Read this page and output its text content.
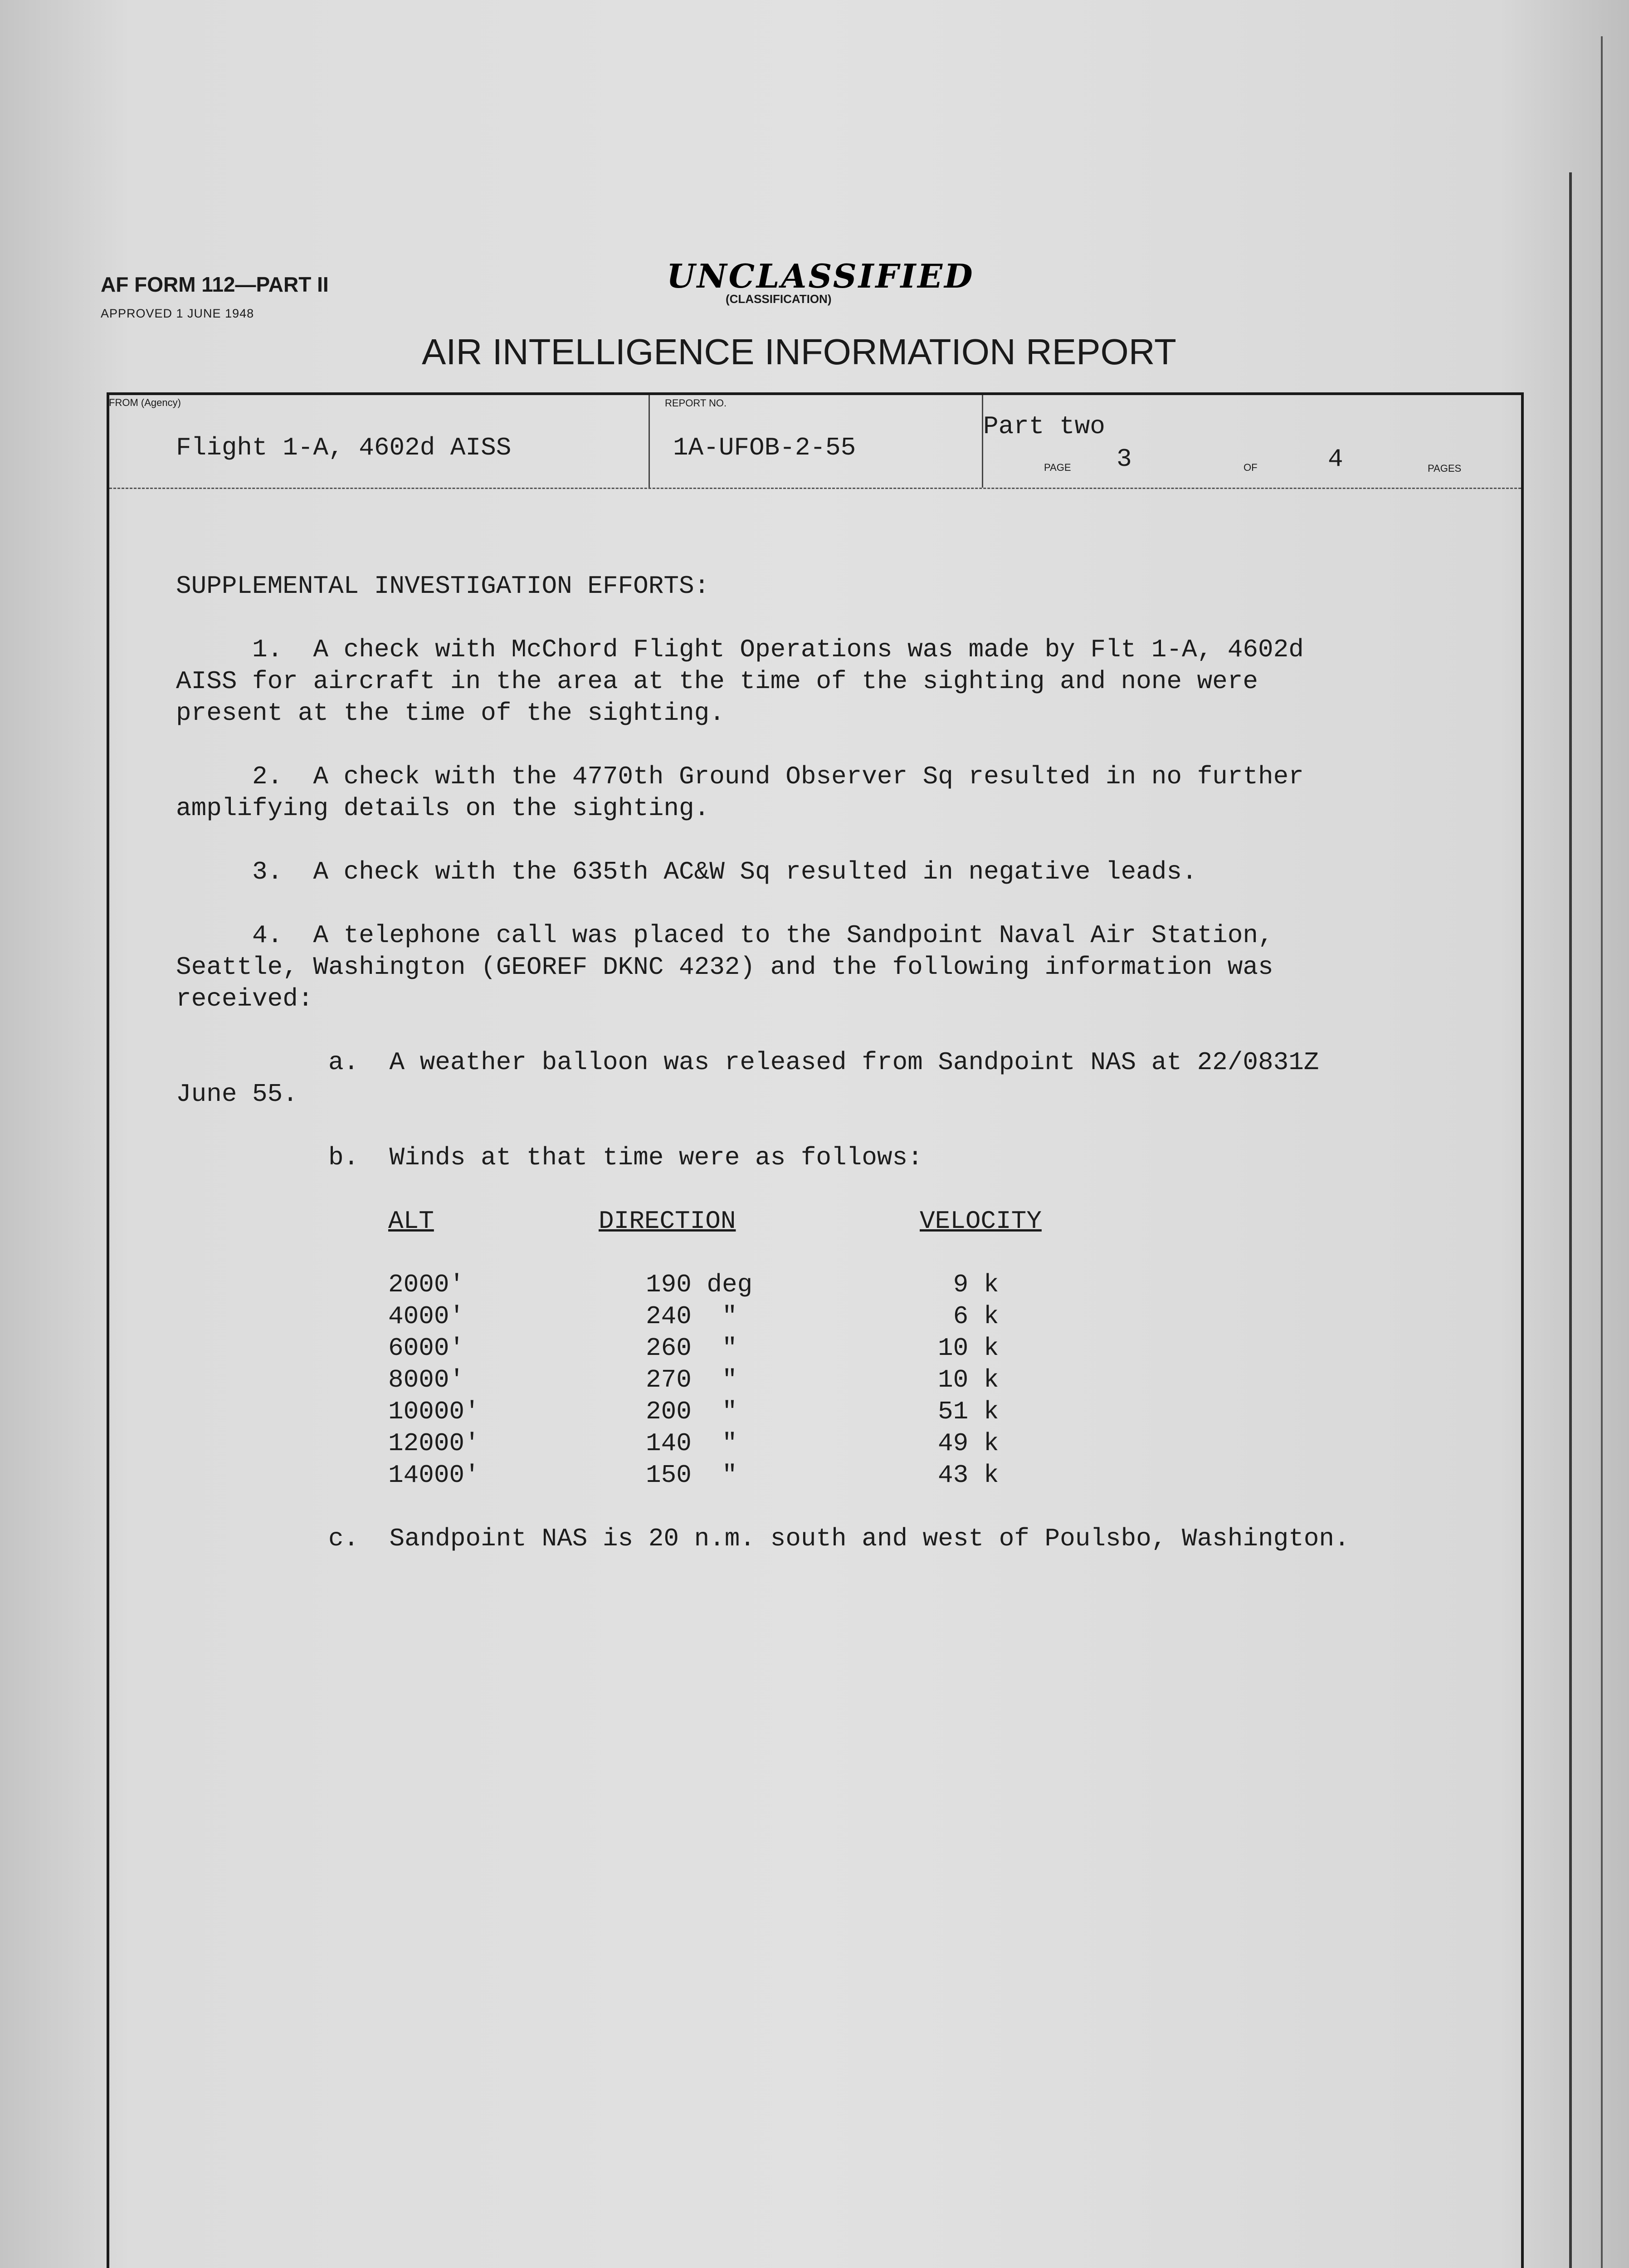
AF FORM 112—PART II
APPROVED 1 JUNE 1948
UNCLASSIFIED
(CLASSIFICATION)
AIR INTELLIGENCE INFORMATION REPORT
FROM (Agency)
Flight 1-A, 4602d AISS
REPORT NO.
1A-UFOB-2-55
Part two
PAGE 3	OF	4	PAGES
SUPPLEMENTAL INVESTIGATION EFFORTS:
1.  A check with McChord Flight Operations was made by Flt 1-A, 4602d
AISS for aircraft in the area at the time of the sighting and none were
present at the time of the sighting.
2.  A check with the 4770th Ground Observer Sq resulted in no further
amplifying details on the sighting.
3.  A check with the 635th AC&W Sq resulted in negative leads.
4.  A telephone call was placed to the Sandpoint Naval Air Station,
Seattle, Washington (GEOREF DKNC 4232) and the following information was
received:
a.  A weather balloon was released from Sandpoint NAS at 22/0831Z
June 55.
b.  Winds at that time were as follows:
ALT	DIRECTION	VELOCITY
2000'	190 deg	9 k
4000'	240  "	6 k
6000'	260  "	10 k
8000'	270  "	10 k
10000'	200  "	51 k
12000'	140  "	49 k
14000'	150  "	43 k
c.  Sandpoint NAS is 20 n.m. south and west of Poulsbo, Washington.
